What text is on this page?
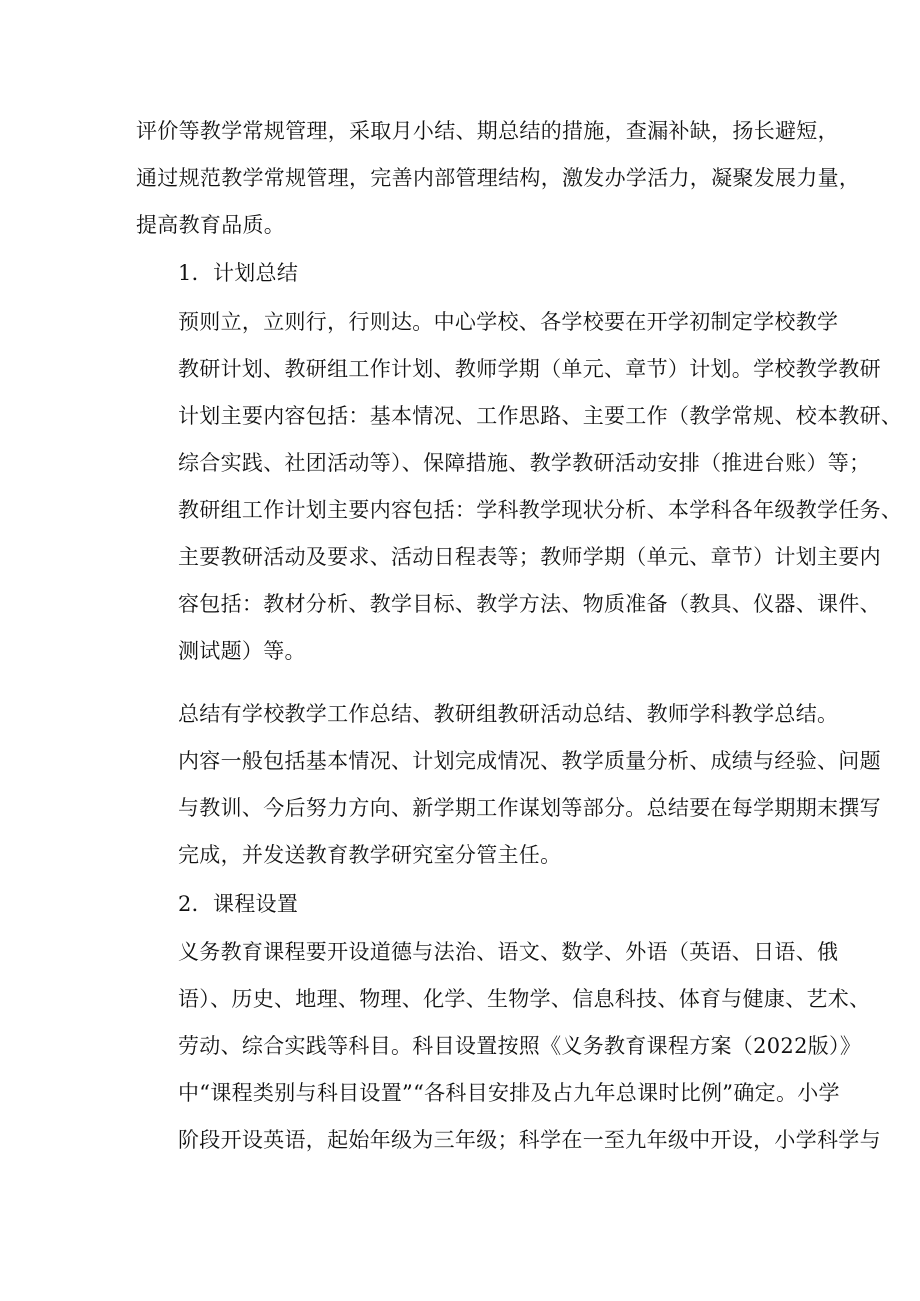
评价等教学常规管理，采取月小结、期总结的措施，查漏补缺，扬长避短，
通过规范教学常规管理，完善内部管理结构，激发办学活力，凝聚发展力量，
提高教育品质。

1．计划总结

预则立，立则行，行则达。中心学校、各学校要在开学初制定学校教学
教研计划、教研组工作计划、教师学期（单元、章节）计划。学校教学教研
计划主要内容包括：基本情况、工作思路、主要工作（教学常规、校本教研、
综合实践、社团活动等）、保障措施、教学教研活动安排（推进台账）等；
教研组工作计划主要内容包括：学科教学现状分析、本学科各年级教学任务、
主要教研活动及要求、活动日程表等；教师学期（单元、章节）计划主要内
容包括：教材分析、教学目标、教学方法、物质准备（教具、仪器、课件、
测试题）等。

总结有学校教学工作总结、教研组教研活动总结、教师学科教学总结。
内容一般包括基本情况、计划完成情况、教学质量分析、成绩与经验、问题
与教训、今后努力方向、新学期工作谋划等部分。总结要在每学期期末撰写
完成，并发送教育教学研究室分管主任。

2．课程设置

义务教育课程要开设道德与法治、语文、数学、外语（英语、日语、俄
语）、历史、地理、物理、化学、生物学、信息科技、体育与健康、艺术、
劳动、综合实践等科目。科目设置按照《义务教育课程方案（2022版）》
中“课程类别与科目设置”“各科目安排及占九年总课时比例”确定。小学
阶段开设英语，起始年级为三年级；科学在一至九年级中开设，小学科学与
